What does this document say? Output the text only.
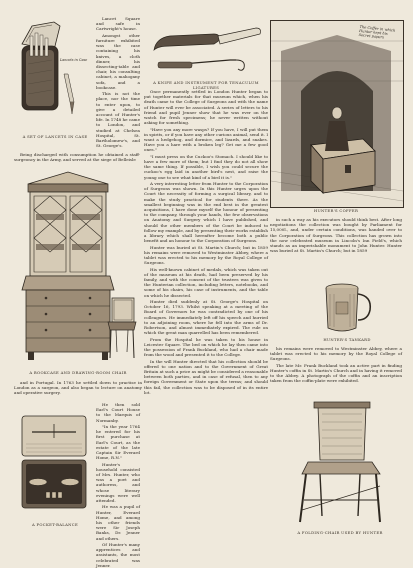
Lancets in Case

Lancet Square and safe in Cartwright's house.

Amongst other furniture exhibited was the case containing his knives, a cloth dinner, his dissecting-table and chair, his consulting cabinet, a mahogany sofa, and a bookcase.

This is not the place, nor the time to enter upon, to give a detailed account of Hunter's life. In 1748 he came to London, and studied at Chelsea Hospital, St. Bartholomew's, and St. George's.

A SET OF LANCETS IN CASE

Being discharged with consumption he obtained a staff-surgeoncy in the Army, and served at the siege of Belleisle

A KNIFE AND INSTRUMENT FOR TENACULUM LIGATURES

Once permanently settled in London Hunter began to put together materials for that museum which, when his death came to the College of Surgeons and with the name of Hunter will ever be associated. A series of letters to his friend and pupil Jenner show that he was ever on the watch for fresh specimens; he never written without asking for something.

"Have you any more wasps? If you have, I will put them in spirits, or if you have any other curious animal, send it. I want a hedgehog, and dormice, and lizards, and snakes. Have you a hare with a broken leg? Get me a few good ones."

"I must press on the Cuckoo's Stomach. I should like to have a few more of them; but I find they do not all show the same thing. If possible, I wish you could secure the cuckoo's egg laid in another bird's nest, and raise the young one to see what kind of a bird it is."

A very interesting letter from Hunter to the Corporation of Surgeons was shown. In this Hunter urges upon the Court the necessity of forming a surgical library, and to make the study practical for students there. As the smallest beginning was in the end best in the greatest acquisitions, I have done myself the honour of presenting to the company, through your hands, the few observations on Anatomy and Surgery which I have published, and should the other members of the Court be induced to follow my example, and by presenting their works establish a library which shall hereafter become both a public benefit and an honour to the Corporation of Surgeons.

Hunter was buried at St. Martin's Church; but in 1859 his remains were removed to Westminster Abbey, where a tablet was erected to his memory by the Royal College of Surgeons.

His well-known cabinet of medals, which was taken out of the museum at his death, had been preserved by his family, and with the consent of the trustees was given to the Hunterian collection, including letters, notebooks, and some of his chairs, his case of instruments, and the table on which he dissected.

Hunter died suddenly at St. George's Hospital on October 16, 1793. Whilst speaking at a meeting of the Board of Governors he was contradicted by one of his colleagues. He immediately left off his speech and hurried to an adjoining room, where he fell into the arms of Dr. Robertson, and almost immediately expired. The rule on which the great man quarrelled has been remembered.

From the Hospital he was taken to his house in Leicester Square. The bed on which he lay then came into the possession of Frank Buckland, who had a chair made from the wood and presented it to the College.

In the will Hunter directed that his collection should be offered to one nation and to the Government of Great Britain at such a price as might be considered a reasonable between both parties, and in case of refusal, then to any foreign Government or State upon the terms; and should this fail, the collection was to be disposed of in its entire lot.

The Coffer in which Hunter kept his Secret papers
HUNTER'S COFFER

in such a way as his executors should think best. After long negotiations the collection was bought by Parliament for 15,000l., and, under certain conditions, was handed over to the Corporation of Surgeons. This collection has grown into the now celebrated museum in Lincoln's Inn Field's, which stands as an imperishable monument to John Hunter. Hunter was buried at St. Martin's Church; but in 1859

A BOOKCASE AND DRAWING-ROOM CHAIR

and in Portugal. In 1763 he settled down to practise in London as a surgeon, and also began to lecture on anatomy and operative surgery.

HUNTER'S TANKARD

his remains were removed to Westminster Abbey, where a tablet was erected to his memory by the Royal College of Surgeons.

The late Mr. Frank Buckland took an active part in finding Hunter's coffin in St. Martin's Church and in having it removed to the Abbey. A photograph of the coffin and an inscription taken from the coffin-plate were exhibited.

A POCKET-BALANCE

He then sold Earl's Court House to the Marquis of Normanby.

"In the year 1764 he entered for his first purchase at Earl's Court, as the estate of the late Captain Sir Everard Home, R.N."

Hunter's household consisted of Mrs. Hunter, who was a poet and authoress, and whose literary evenings were well attended.

He was a pupil of Hunter, Everard Home, and among his other friends were Sir Joseph Banks, Dr. Jenner and others.

Of Hunter's many apprentices and assistants, the most celebrated was Jenner.

A FOLDING-CHAIR USED BY HUNTER
